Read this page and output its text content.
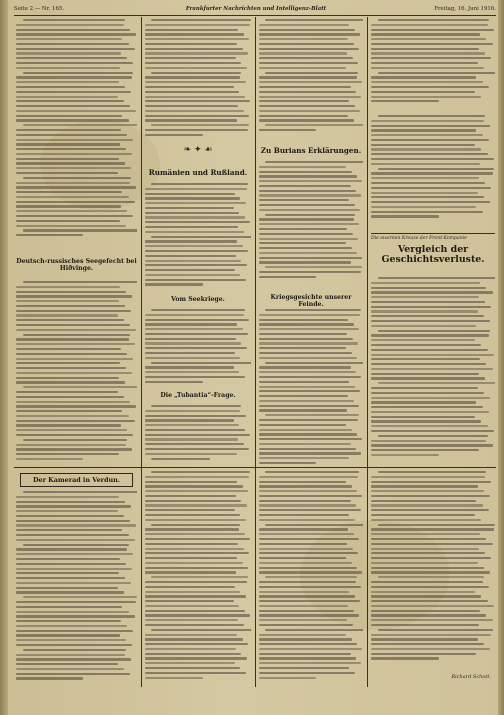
Seite 2 — Nr. 165.	Frankfurter Nachrichten und Intelligenz-Blatt	Freitag, 16. Juni 1916.
Deutsch-russisches Seegefecht bei Hiðvinge.
❧ ✦ ☙
Rumänien und Rußland.
Vom Seekriege.
Die „Tubantia“-Frage.
Zu Burians Erklärungen.
Kriegsgesichte unserer Feinde.
Die eisernen Kreuze der Front-Kompanie
Vergleich der Geschichtsverluste.
Der Kamerad in Verdun.
Richard Schott.
